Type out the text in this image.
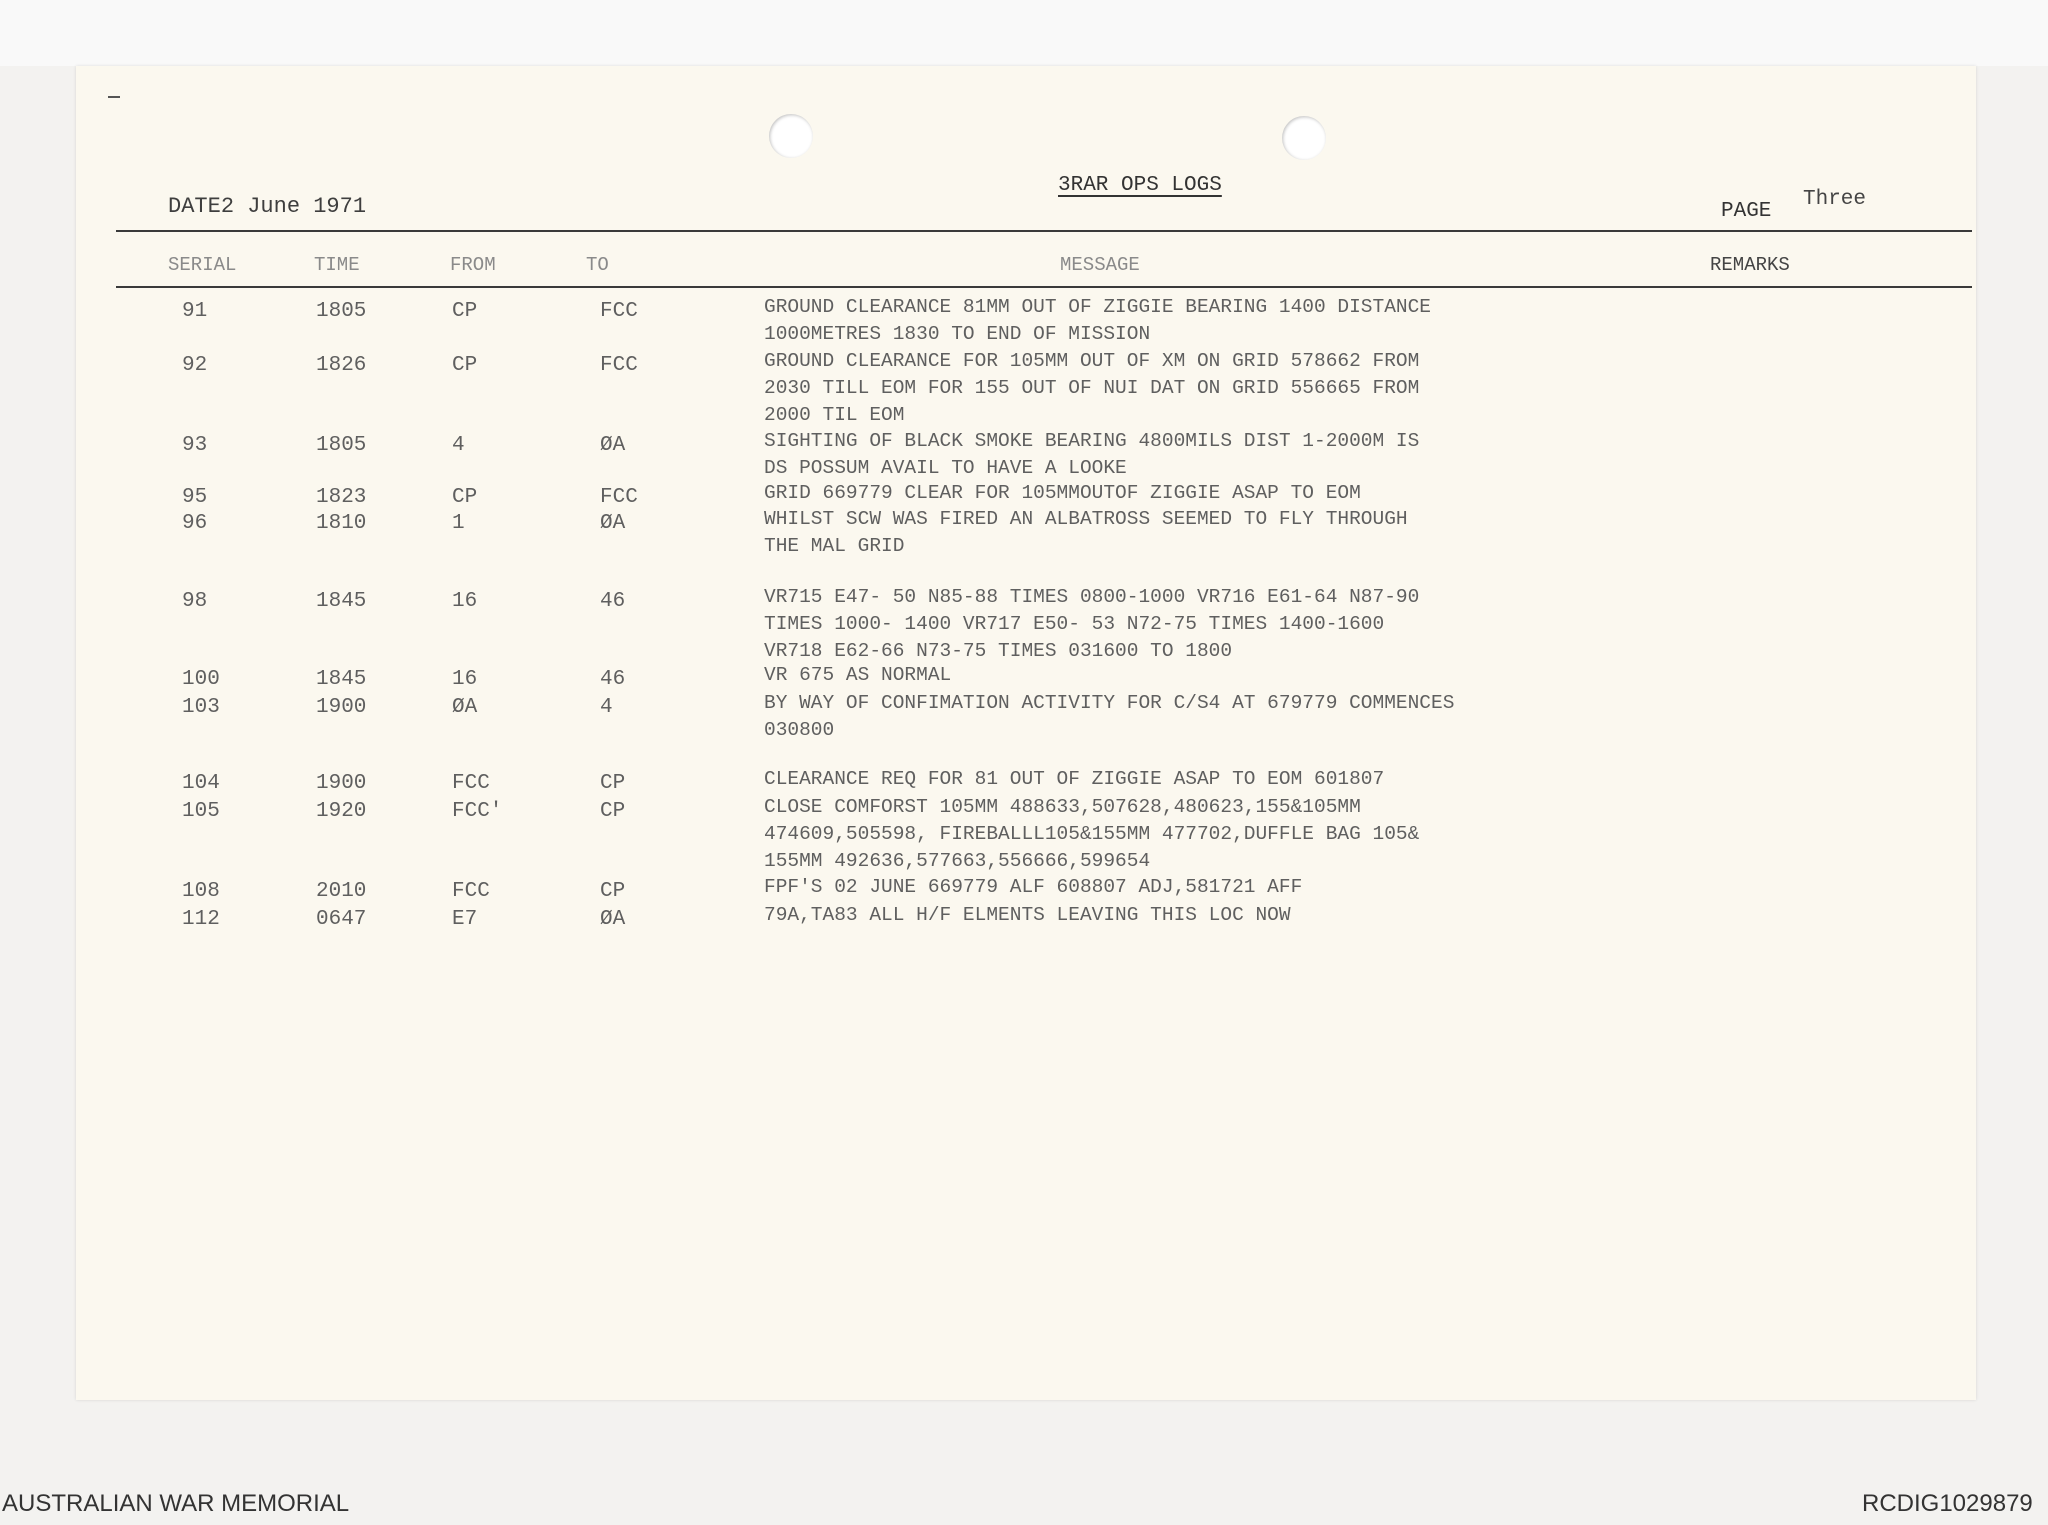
DATE2 June 1971
3RAR OPS LOGS
PAGE
Three
SERIAL	TIME	FROM	TO	MESSAGE	REMARKS
91	1805	CP	FCC	GROUND CLEARANCE 81MM OUT OF ZIGGIE BEARING 1400 DISTANCE
1000METRES 1830 TO END OF MISSION
92	1826	CP	FCC	GROUND CLEARANCE FOR 105MM OUT OF XM ON GRID 578662 FROM
2030 TILL EOM FOR 155 OUT OF NUI DAT ON GRID 556665 FROM
2000 TIL EOM
93	1805	4	ØA	SIGHTING OF BLACK SMOKE BEARING 4800MILS DIST 1-2000M IS
DS POSSUM AVAIL TO HAVE A LOOKE
95	1823	CP	FCC	GRID 669779 CLEAR FOR 105MMOUTOF ZIGGIE ASAP TO EOM
96	1810	1	ØA	WHILST SCW WAS FIRED AN ALBATROSS SEEMED TO FLY THROUGH
THE MAL GRID
98	1845	16	46	VR715 E47- 50 N85-88 TIMES 0800-1000 VR716 E61-64 N87-90
TIMES 1000- 1400 VR717 E50- 53 N72-75 TIMES 1400-1600
VR718 E62-66 N73-75 TIMES 031600 TO 1800
100	1845	16	46	VR 675 AS NORMAL
103	1900	ØA	4	BY WAY OF CONFIMATION ACTIVITY FOR C/S4 AT 679779 COMMENCES
030800
104	1900	FCC	CP	CLEARANCE REQ FOR 81 OUT OF ZIGGIE ASAP TO EOM 601807
105	1920	FCC'	CP	CLOSE COMFORST 105MM 488633,507628,480623,155&105MM
474609,505598, FIREBALLL105&155MM 477702,DUFFLE BAG 105&
155MM 492636,577663,556666,599654
108	2010	FCC	CP	FPF'S 02 JUNE 669779 ALF 608807 ADJ,581721 AFF
112	0647	E7	ØA	79A,TA83 ALL H/F ELMENTS LEAVING THIS LOC NOW
AUSTRALIAN WAR MEMORIAL	RCDIG1029879
